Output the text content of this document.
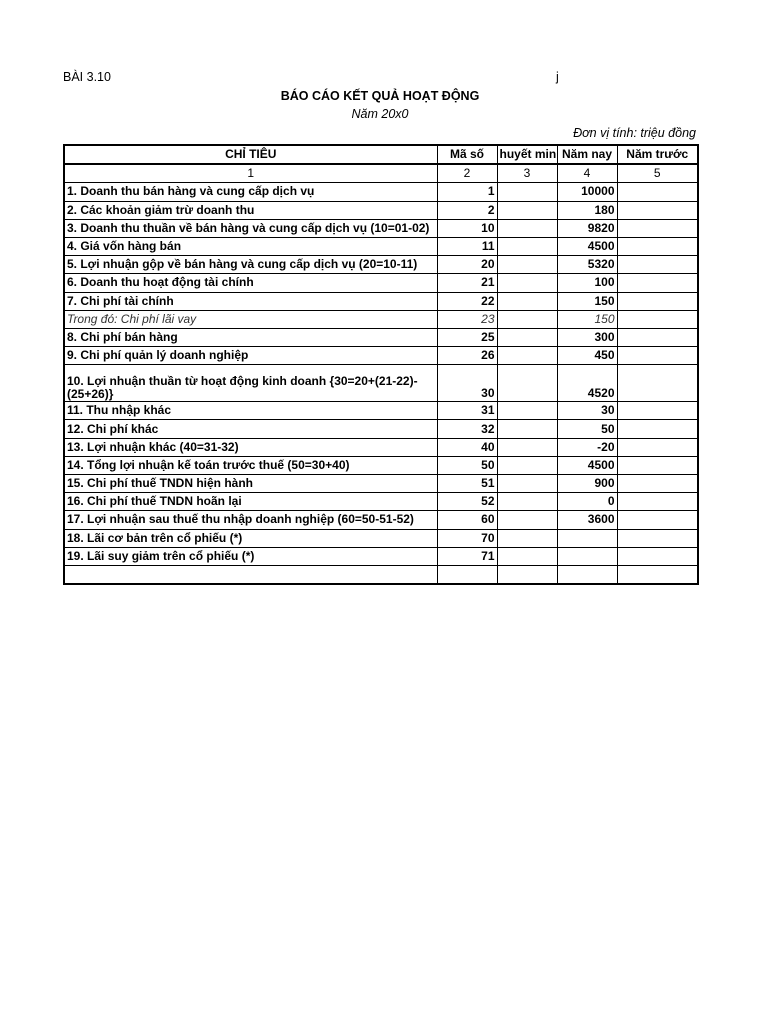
BÀI 3.10	j
BÁO CÁO KẾT QUẢ HOẠT ĐỘNG
Năm 20x0
Đơn vị tính: triệu đồng
CHỈ TIÊU	Mã số	huyết min	Năm nay	Năm trước
1	2	3	4	5
1. Doanh thu bán hàng và cung cấp dịch vụ	1		10000	
2. Các khoản giảm trừ doanh thu	2		180	
3. Doanh thu thuần về bán hàng và cung cấp dịch vụ (10=01-02)	10		9820	
4. Giá vốn hàng bán	11		4500	
5. Lợi nhuận gộp về bán hàng và cung cấp dịch vụ (20=10-11)	20		5320	
6. Doanh thu hoạt động tài chính	21		100	
7. Chi phí tài chính	22		150	
Trong đó: Chi phí lãi vay	23		150	
8. Chi phí bán hàng	25		300	
9. Chi phí quản lý doanh nghiệp	26		450	
10. Lợi nhuận thuần từ hoạt động kinh doanh {30=20+(21-22)-(25+26)}	30		4520	
11. Thu nhập khác	31		30	
12. Chi phí khác	32		50	
13. Lợi nhuận khác (40=31-32)	40		-20	
14. Tổng lợi nhuận kế toán trước thuế (50=30+40)	50		4500	
15. Chi phí thuế TNDN hiện hành	51		900	
16. Chi phí thuế TNDN hoãn lại	52		0	
17. Lợi nhuận sau thuế thu nhập doanh nghiệp (60=50-51-52)	60		3600	
18. Lãi cơ bản trên cổ phiếu (*)	70			
19. Lãi suy giảm trên cổ phiếu (*)	71			
